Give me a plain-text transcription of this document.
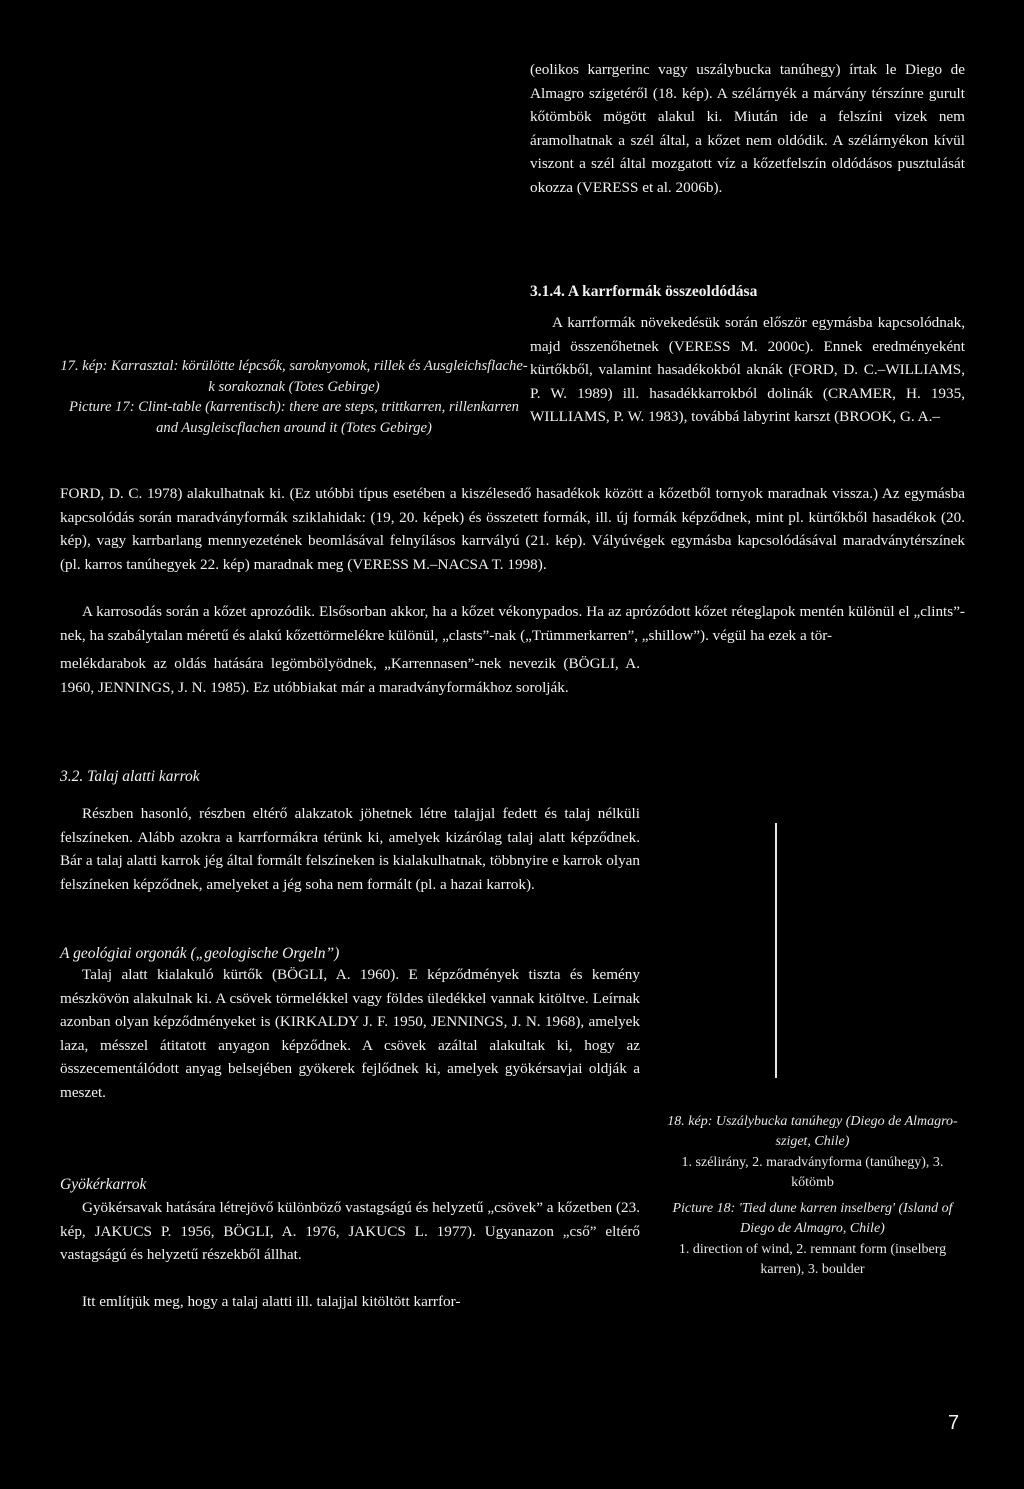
(eolikos karrgerinc vagy uszálybucka tanúhegy) írtak le Diego de Almagro szigetéről (18. kép). A szélárnyék a márvány térszínre gurult kőtömbök mögött alakul ki. Miután ide a felszíni vizek nem áramolhatnak a szél által, a kőzet nem oldódik. A szélárnyékon kívül viszont a szél által mozgatott víz a kőzetfelszín oldódásos pusztulását okozza (VERESS et al. 2006b).

3.1.4. A karrformák összeoldódása

A karrformák növekedésük során először egymásba kapcsolódnak, majd összenőhetnek (VERESS M. 2000c). Ennek eredményeként kürtőkből, valamint hasadékokból aknák (FORD, D. C.–WILLIAMS, P. W. 1989) ill. hasadékkarrokból dolinák (CRAMER, H. 1935, WILLIAMS, P. W. 1983), továbbá labyrint karszt (BROOK, G. A.–

17. kép: Karrasztal: körülötte lépcsők, saroknyomok, rillek és Ausgleichsflache-k sorakoznak (Totes Gebirge)
Picture 17: Clint-table (karrentisch): there are steps, trittkarren, rillenkarren and Ausgleiscflachen around it (Totes Gebirge)

FORD, D. C. 1978) alakulhatnak ki. (Ez utóbbi típus esetében a kiszélesedő hasadékok között a kőzetből tornyok maradnak vissza.) Az egymásba kapcsolódás során maradványformák sziklahidak: (19, 20. képek) és összetett formák, ill. új formák képződnek, mint pl. kürtőkből hasadékok (20. kép), vagy karrbarlang mennyezetének beomlásával felnyílásos karrvályú (21. kép). Vályúvégek egymásba kapcsolódásával maradványtérszínek (pl. karros tanúhegyek 22. kép) maradnak meg (VERESS M.–NACSA T. 1998).

A karrosodás során a kőzet aprozódik. Elsősorban akkor, ha a kőzet vékonypados. Ha az aprózódott kőzet réteglapok mentén különül el „clints”-nek, ha szabálytalan méretű és alakú kőzettörmelékre különül, „clasts”-nak („Trümmerkarren”, „shillow”). végül ha ezek a tör-

melékdarabok az oldás hatására legömbölyödnek, „Karrennasen”-nek nevezik (BÖGLI, A. 1960, JENNINGS, J. N. 1985). Ez utóbbiakat már a maradványformákhoz sorolják.

3.2. Talaj alatti karrok

Részben hasonló, részben eltérő alakzatok jöhetnek létre talajjal fedett és talaj nélküli felszíneken. Alább azokra a karrformákra térünk ki, amelyek kizárólag talaj alatt képződnek. Bár a talaj alatti karrok jég által formált felszíneken is kialakulhatnak, többnyire e karrok olyan felszíneken képződnek, amelyeket a jég soha nem formált (pl. a hazai karrok).

A geológiai orgonák („geologische Orgeln”)

Talaj alatt kialakuló kürtők (BÖGLI, A. 1960). E képződmények tiszta és kemény mészkövön alakulnak ki. A csövek törmelékkel vagy földes üledékkel vannak kitöltve. Leírnak azonban olyan képződményeket is (KIRKALDY J. F. 1950, JENNINGS, J. N. 1968), amelyek laza, mésszel átitatott anyagon képződnek. A csövek azáltal alakultak ki, hogy az összecementálódott anyag belsejében gyökerek fejlődnek ki, amelyek gyökérsavjai oldják a meszet.

Gyökérkarrok

Gyökérsavak hatására létrejövő különböző vastagságú és helyzetű „csövek” a kőzetben (23. kép, JAKUCS P. 1956, BÖGLI, A. 1976, JAKUCS L. 1977). Ugyanazon „cső” eltérő vastagságú és helyzetű részekből állhat.

Itt említjük meg, hogy a talaj alatti ill. talajjal kitöltött karrfor-

18. kép: Uszálybucka tanúhegy (Diego de Almagro-sziget, Chile)
1. szélirány, 2. maradványforma (tanúhegy), 3. kőtömb
Picture 18: 'Tied dune karren inselberg' (Island of Diego de Almagro, Chile)
1. direction of wind, 2. remnant form (inselberg karren), 3. boulder
7
